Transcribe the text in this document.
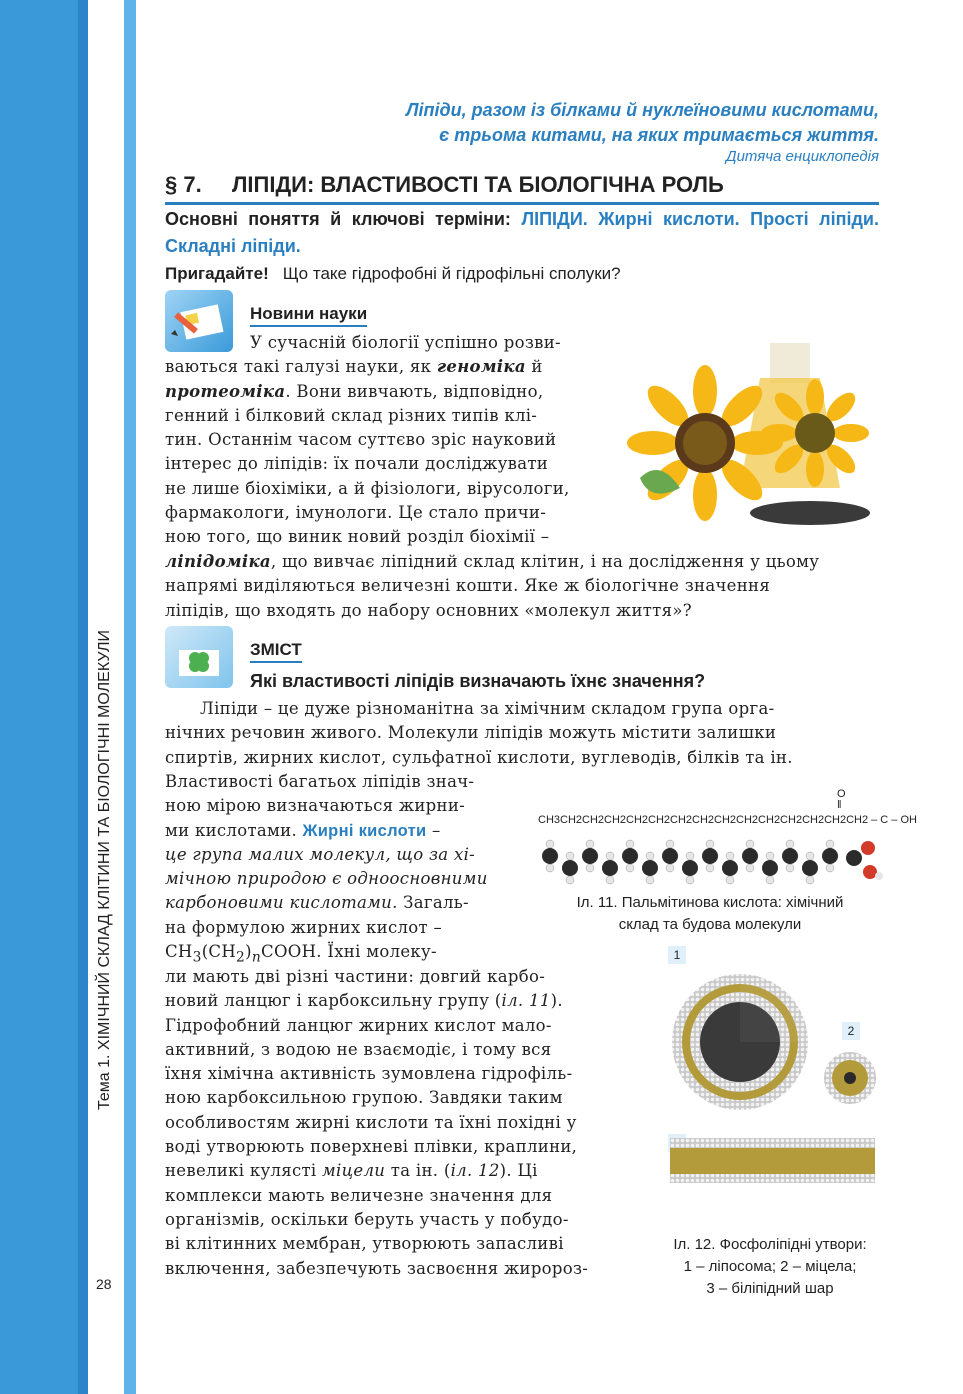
Тема 1. ХІМІЧНИЙ СКЛАД КЛІТИНИ ТА БІОЛОГІЧНІ МОЛЕКУЛИ
28
Ліпіди, разом із білками й нуклеїновими кислотами,
є трьома китами, на яких тримається життя.
Дитяча енциклопедія
§ 7. ЛІПІДИ: ВЛАСТИВОСТІ ТА БІОЛОГІЧНА РОЛЬ
Основні поняття й ключові терміни: ЛІПІДИ. Жирні кислоти. Прості ліпіди. Складні ліпіди.
Пригадайте! Що таке гідрофобні й гідрофільні сполуки?
Новини науки

У сучасній біології успішно розви-

ваються такі галузі науки, як геноміка й

протеоміка. Вони вивчають, відповідно,

генний і білковий склад різних типів клі-

тин. Останнім часом суттєво зріс науковий

інтерес до ліпідів: їх почали досліджувати

не лише біохіміки, а й фізіологи, вірусологи,

фармакологи, імунологи. Це стало причи-

ною того, що виник новий розділ біохімії –

ліпідоміка, що вивчає ліпідний склад клітин, і на дослідження у цьому

напрямі виділяються величезні кошти. Яке ж біологічне значення

ліпідів, що входять до набору основних «молекул життя»?

ЗМІСТ
Які властивості ліпідів визначають їхнє значення?

Ліпіди – це дуже різноманітна за хімічним складом група орга-

нічних речовин живого. Молекули ліпідів можуть містити залишки

спиртів, жирних кислот, сульфатної кислоти, вуглеводів, білків та ін.

Властивості багатьох ліпідів знач-

ною мірою визначаються жирни-

ми кислотами. Жирні кислоти –

це група малих молекул, що за хі-

мічною природою є одноосновними

карбоновими кислотами. Загаль-

на формулою жирних кислот –

$CH_3(CH_2)_nCOOH$. Їхні молеку-

ли мають дві різні частини: довгий карбо-

новий ланцюг і карбоксильну групу (іл. 11).

Гідрофобний ланцюг жирних кислот мало-

активний, з водою не взаємодіє, і тому вся

їхня хімічна активність зумовлена гідрофіль-

ною карбоксильною групою. Завдяки таким

особливостям жирні кислоти та їхні похідні у

воді утворюють поверхневі плівки, краплини,

невеликі кулясті міцели та ін. (іл. 12). Ці

комплекси мають величезне значення для

організмів, оскільки беруть участь у побудо-

ві клітинних мембран, утворюють запасливі

включення, забезпечують засвоєння жиророз-

O
‖
CH3CH2CH2CH2CH2CH2CH2CH2CH2CH2CH2CH2CH2CH2CH2 – C – OH
Іл. 11. Пальмітинова кислота: хімічний
склад та будова молекули
1
2
Іл. 12. Фосфоліпідні утвори:
1 – ліпосома; 2 – міцела;
3 – біліпідний шар
